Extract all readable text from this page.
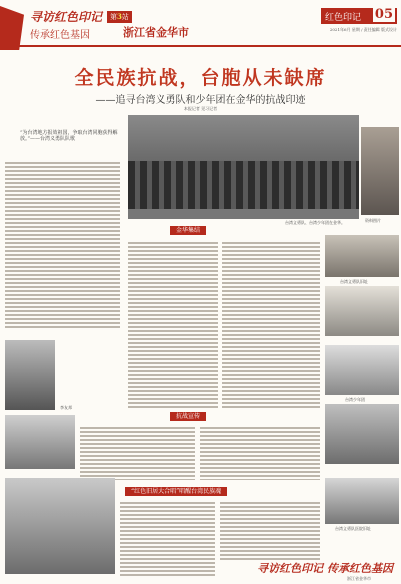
寻访红色印记
传承红色基因
第3站
浙江省金华市
红色印记 05
2021年6月 星期 / 责任编辑 版式设计
全民族抗战，台胞从未缺席
——追寻台湾义勇队和少年团在金华的抗战印迹
本报记者 见习记者
“为台湾地方报效祖国，争取台湾同胞获得解放。”——台湾义勇队队歌
台湾义勇队、台湾少年团在金华。	资料图片
金华集结
台湾义勇队旧址
台湾少年团
台湾义勇队医院旧址
李友邦
抗战宣传
“红色旧居大合唱”唱醒台湾民族魂
寻访红色印记 传承红色基因
浙江省金华市
